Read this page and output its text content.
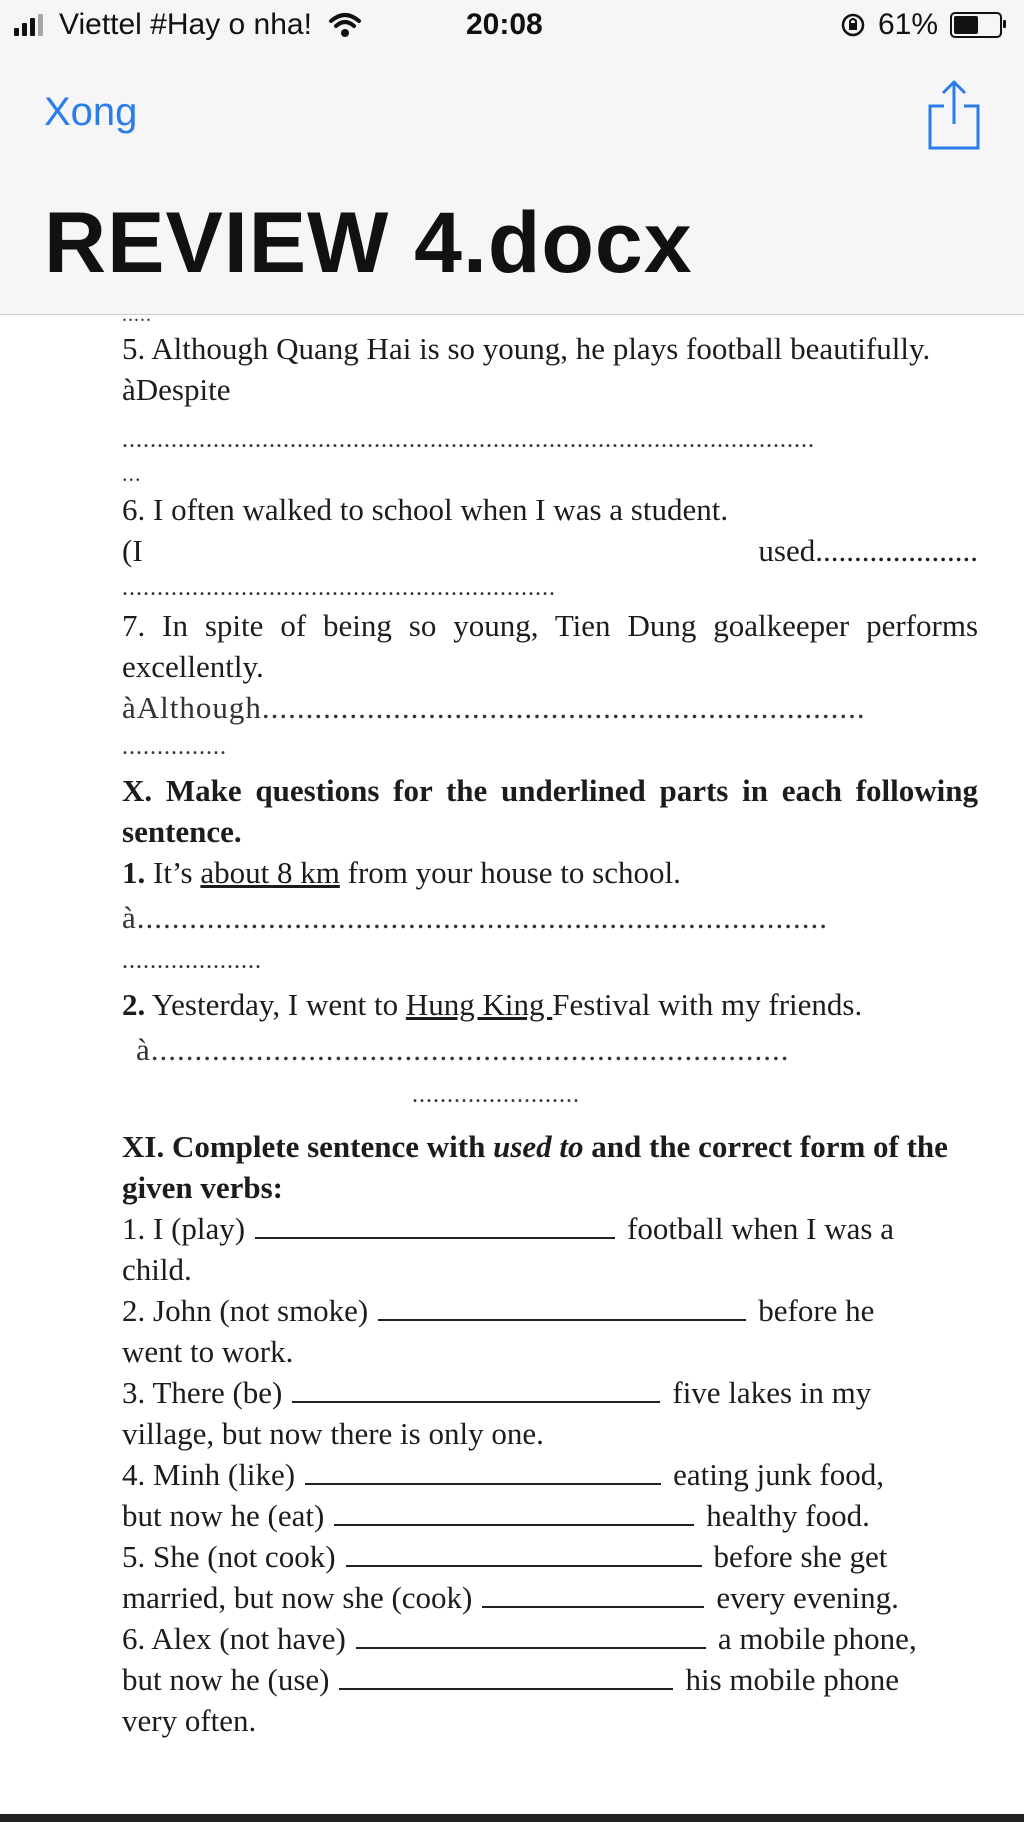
Viettel #Hay o nha!	20:08	61%
Xong
REVIEW 4.docx

.....

5. Although Quang Hai is so young, he plays football beautifully.

àDespite

...................................................................................................

...

6. I often walked to school when I was a student.

(I	used.....................

..............................................................

7. In spite of being so young, Tien Dung goalkeeper performs excellently.

àAlthough.....................................................................

...............

X. Make questions for the underlined parts in each following sentence.

1. It’s about 8 km from your house to school.

à...............................................................................

....................

2. Yesterday, I went to Hung King Festival with my friends.

à.........................................................................

........................

XI. Complete sentence with used to and the correct form of the given verbs:

1. I (play)	football when I was a

child.

2. John (not smoke)	before he

went to work.

3. There (be)	five lakes in my

village, but now there is only one.

4. Minh (like)	eating junk food,
but now he (eat)	healthy food.
5. She (not cook)	before she get
married, but now she (cook)	every evening.
6. Alex (not have)	a mobile phone,
but now he (use)	his mobile phone

very often.
